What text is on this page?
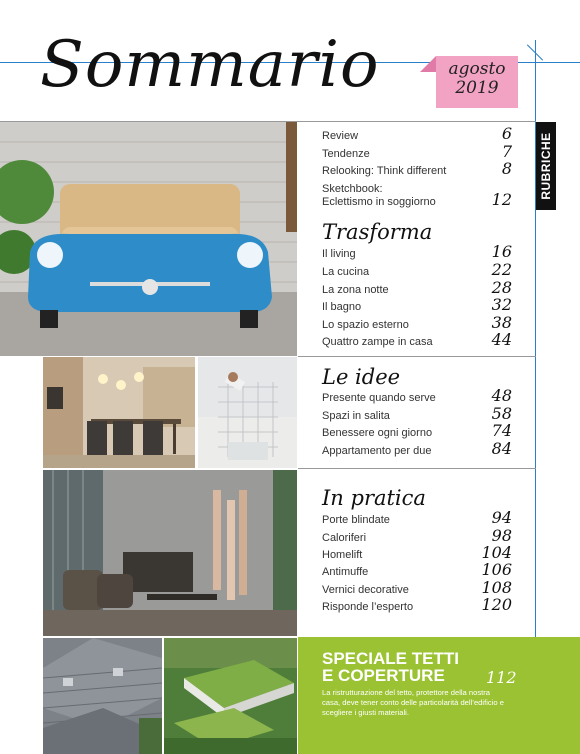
Sommario	agosto
2019
RUBRICHE
Review	6
Tendenze	7
Relooking: Think different	8
Sketchbook:
Eclettismo in soggiorno	12
Trasforma
Il living	16
La cucina	22
La zona notte	28
Il bagno	32
Lo spazio esterno	38
Quattro zampe in casa	44
Le idee
Presente quando serve	48
Spazi in salita	58
Benessere ogni giorno	74
Appartamento per due	84
In pratica
Porte blindate	94
Caloriferi	98
Homelift	104
Antimuffe	106
Vernici decorative	108
Risponde l’esperto	120
SPECIALE TETTI
E COPERTURE	112
La ristrutturazione del tetto, protettore della nostra casa, deve tener conto delle particolarità dell’edificio e scegliere i giusti materiali.
